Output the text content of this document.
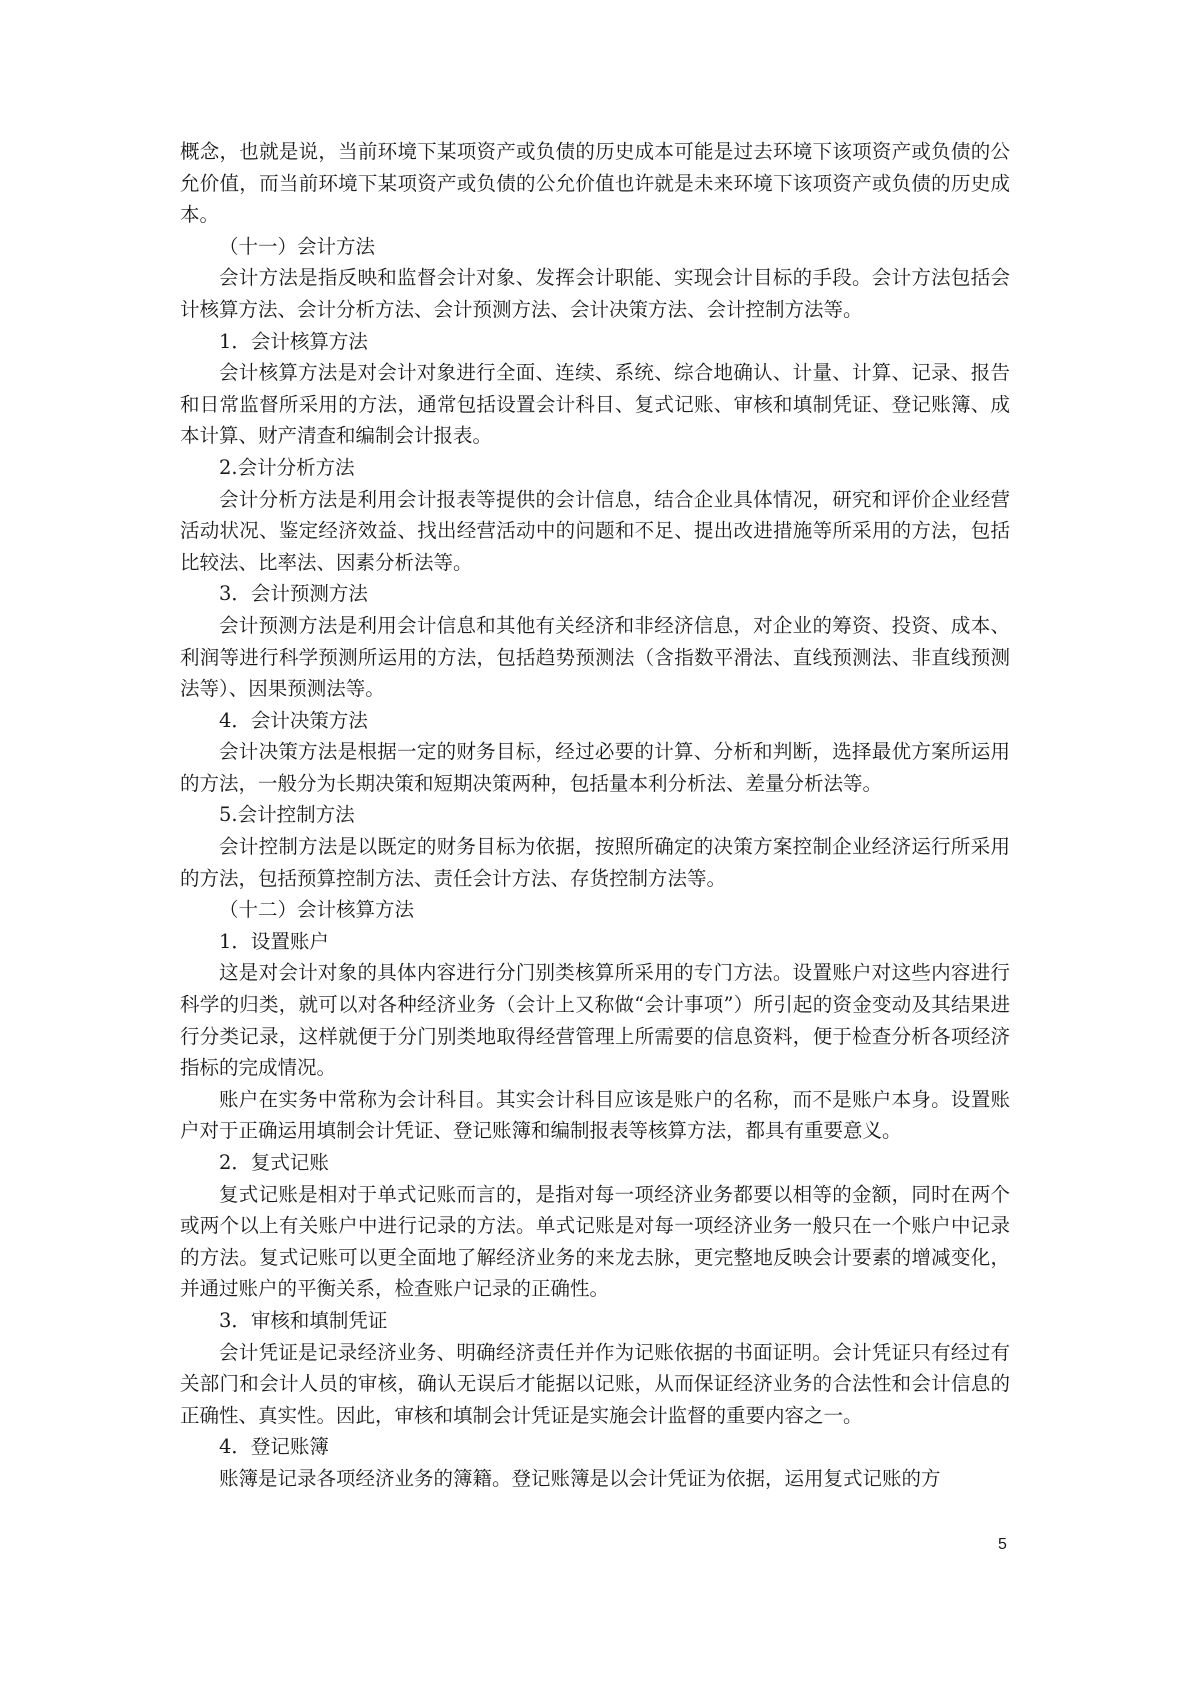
概念，也就是说，当前环境下某项资产或负债的历史成本可能是过去环境下该项资产或负债的公允价值，而当前环境下某项资产或负债的公允价值也许就是未来环境下该项资产或负债的历史成本。

（十一）会计方法

会计方法是指反映和监督会计对象、发挥会计职能、实现会计目标的手段。会计方法包括会计核算方法、会计分析方法、会计预测方法、会计决策方法、会计控制方法等。

1．会计核算方法

会计核算方法是对会计对象进行全面、连续、系统、综合地确认、计量、计算、记录、报告和日常监督所采用的方法，通常包括设置会计科目、复式记账、审核和填制凭证、登记账簿、成本计算、财产清查和编制会计报表。

2.会计分析方法

会计分析方法是利用会计报表等提供的会计信息，结合企业具体情况，研究和评价企业经营活动状况、鉴定经济效益、找出经营活动中的问题和不足、提出改进措施等所采用的方法，包括比较法、比率法、因素分析法等。

3．会计预测方法

会计预测方法是利用会计信息和其他有关经济和非经济信息，对企业的筹资、投资、成本、利润等进行科学预测所运用的方法，包括趋势预测法（含指数平滑法、直线预测法、非直线预测法等）、因果预测法等。

4．会计决策方法

会计决策方法是根据一定的财务目标，经过必要的计算、分析和判断，选择最优方案所运用的方法，一般分为长期决策和短期决策两种，包括量本利分析法、差量分析法等。

5.会计控制方法

会计控制方法是以既定的财务目标为依据，按照所确定的决策方案控制企业经济运行所采用的方法，包括预算控制方法、责任会计方法、存货控制方法等。

（十二）会计核算方法

1．设置账户

这是对会计对象的具体内容进行分门别类核算所采用的专门方法。设置账户对这些内容进行科学的归类，就可以对各种经济业务（会计上又称做“会计事项”）所引起的资金变动及其结果进行分类记录，这样就便于分门别类地取得经营管理上所需要的信息资料，便于检查分析各项经济指标的完成情况。

账户在实务中常称为会计科目。其实会计科目应该是账户的名称，而不是账户本身。设置账户对于正确运用填制会计凭证、登记账簿和编制报表等核算方法，都具有重要意义。

2．复式记账

复式记账是相对于单式记账而言的，是指对每一项经济业务都要以相等的金额，同时在两个或两个以上有关账户中进行记录的方法。单式记账是对每一项经济业务一般只在一个账户中记录的方法。复式记账可以更全面地了解经济业务的来龙去脉，更完整地反映会计要素的增减变化，并通过账户的平衡关系，检查账户记录的正确性。

3．审核和填制凭证

会计凭证是记录经济业务、明确经济责任并作为记账依据的书面证明。会计凭证只有经过有关部门和会计人员的审核，确认无误后才能据以记账，从而保证经济业务的合法性和会计信息的正确性、真实性。因此，审核和填制会计凭证是实施会计监督的重要内容之一。

4．登记账簿

账簿是记录各项经济业务的簿籍。登记账簿是以会计凭证为依据，运用复式记账的方

5
